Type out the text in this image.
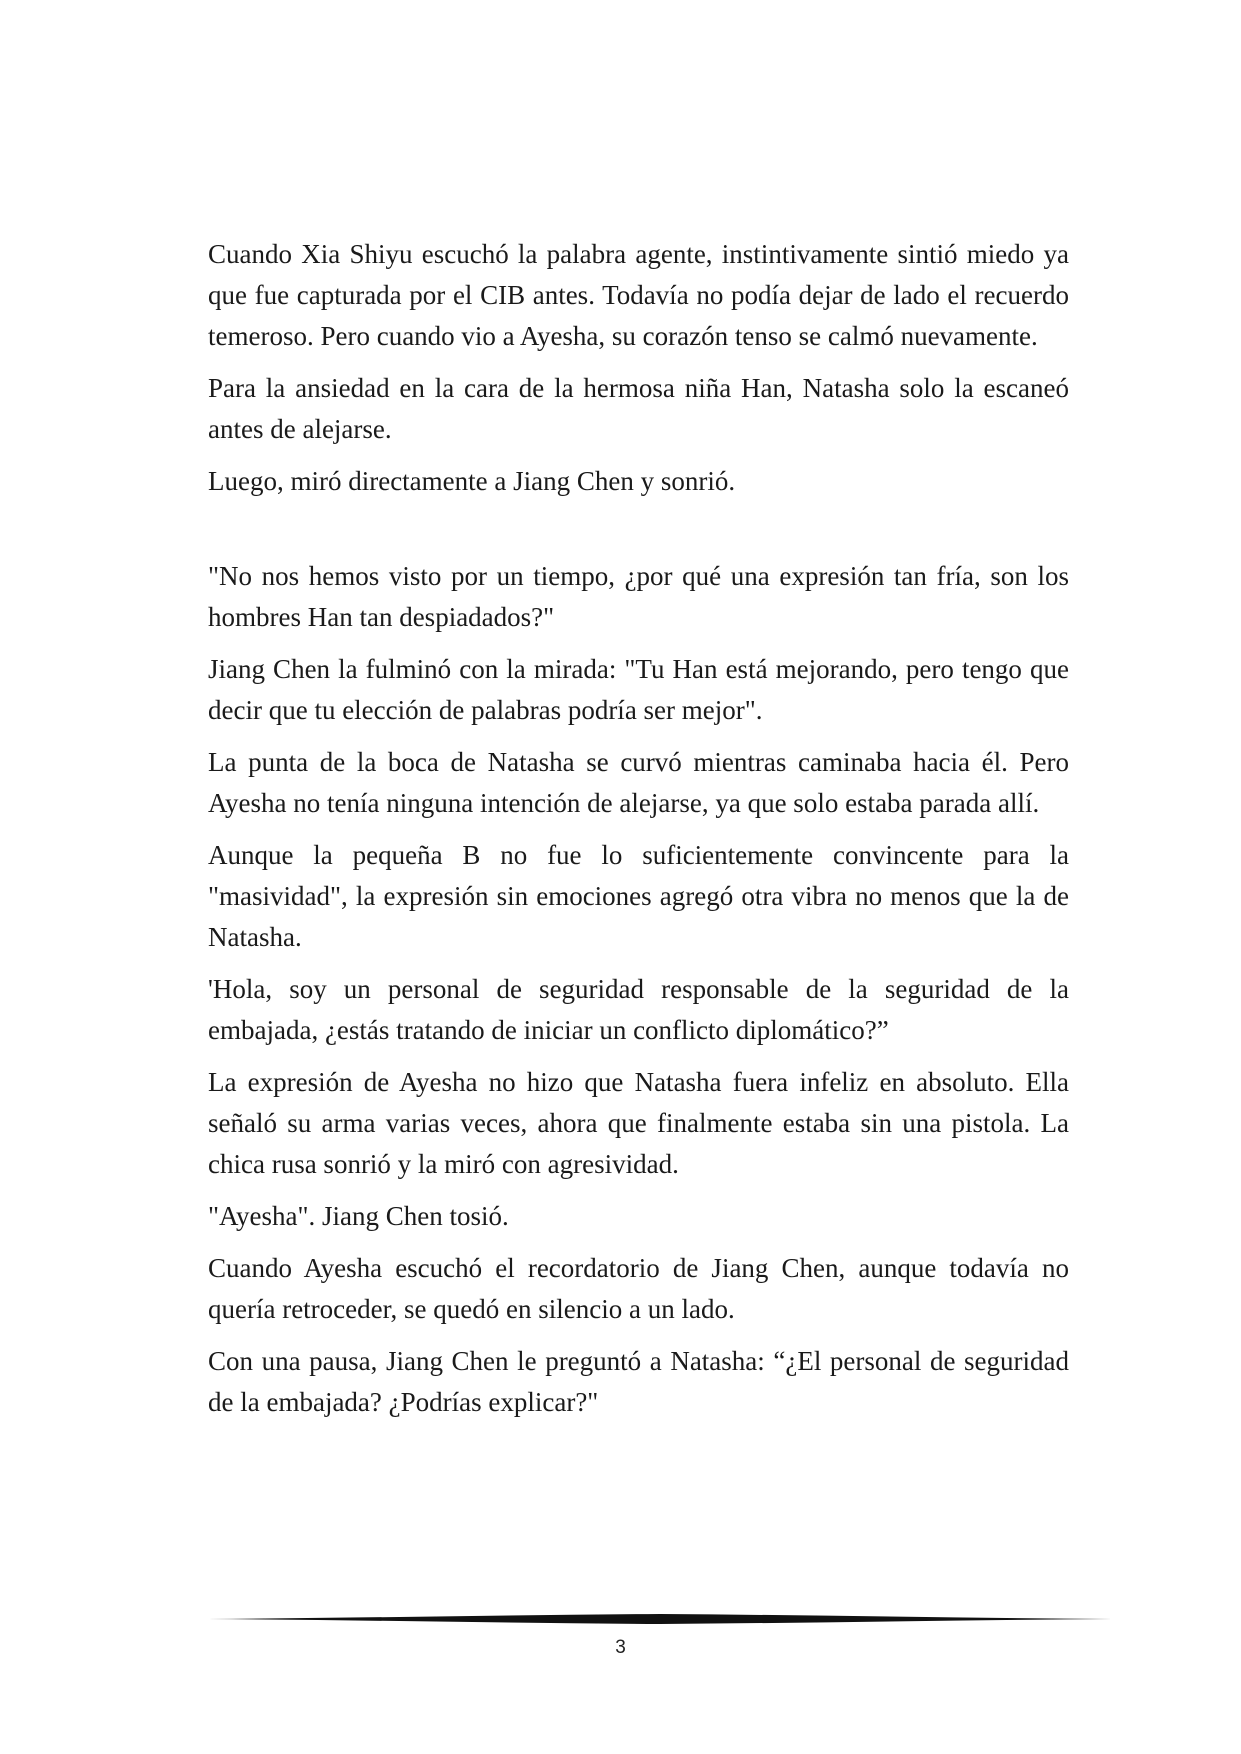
Cuando Xia Shiyu escuchó la palabra agente, instintivamente sintió miedo ya que fue capturada por el CIB antes. Todavía no podía dejar de lado el recuerdo temeroso. Pero cuando vio a Ayesha, su corazón tenso se calmó nuevamente.

Para la ansiedad en la cara de la hermosa niña Han, Natasha solo la escaneó antes de alejarse.

Luego, miró directamente a Jiang Chen y sonrió.

"No nos hemos visto por un tiempo, ¿por qué una expresión tan fría, son los hombres Han tan despiadados?"

Jiang Chen la fulminó con la mirada: "Tu Han está mejorando, pero tengo que decir que tu elección de palabras podría ser mejor".

La punta de la boca de Natasha se curvó mientras caminaba hacia él. Pero Ayesha no tenía ninguna intención de alejarse, ya que solo estaba parada allí.

Aunque la pequeña B no fue lo suficientemente convincente para la "masividad", la expresión sin emociones agregó otra vibra no menos que la de Natasha.

'Hola, soy un personal de seguridad responsable de la seguridad de la embajada, ¿estás tratando de iniciar un conflicto diplomático?”

La expresión de Ayesha no hizo que Natasha fuera infeliz en absoluto. Ella señaló su arma varias veces, ahora que finalmente estaba sin una pistola. La chica rusa sonrió y la miró con agresividad.

"Ayesha". Jiang Chen tosió.

Cuando Ayesha escuchó el recordatorio de Jiang Chen, aunque todavía no quería retroceder, se quedó en silencio a un lado.

Con una pausa, Jiang Chen le preguntó a Natasha: “¿El personal de seguridad de la embajada? ¿Podrías explicar?"

3
